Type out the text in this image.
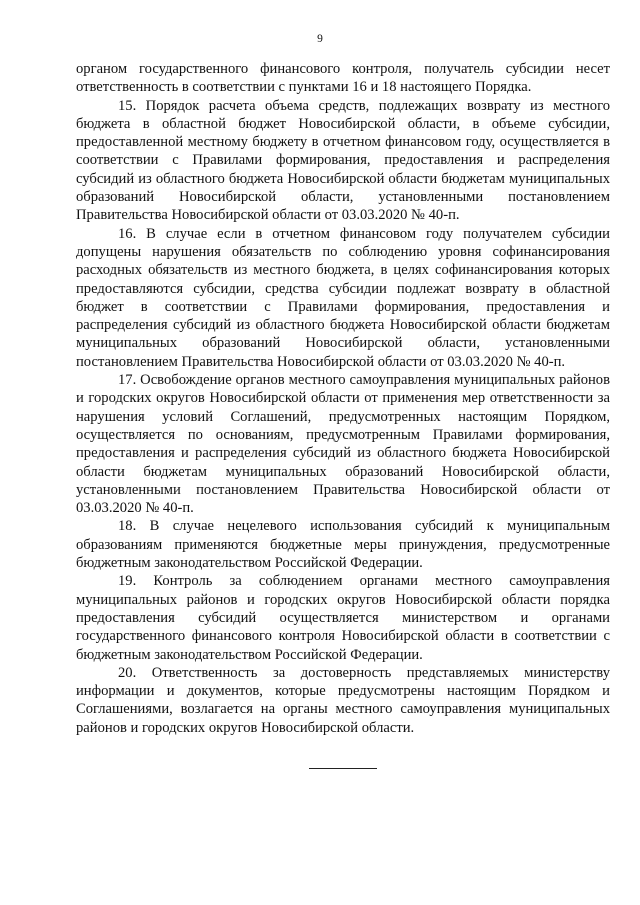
9

органом государственного финансового контроля, получатель субсидии несет ответственность в соответствии с пунктами 16 и 18 настоящего Порядка.

15. Порядок расчета объема средств, подлежащих возврату из местного бюджета в областной бюджет Новосибирской области, в объеме субсидии, предоставленной местному бюджету в отчетном финансовом году, осуществляется в соответствии с Правилами формирования, предоставления и распределения субсидий из областного бюджета Новосибирской области бюджетам муниципальных образований Новосибирской области, установленными постановлением Правительства Новосибирской области от 03.03.2020 № 40-п.

16. В случае если в отчетном финансовом году получателем субсидии допущены нарушения обязательств по соблюдению уровня софинансирования расходных обязательств из местного бюджета, в целях софинансирования которых предоставляются субсидии, средства субсидии подлежат возврату в областной бюджет в соответствии с Правилами формирования, предоставления и распределения субсидий из областного бюджета Новосибирской области бюджетам муниципальных образований Новосибирской области, установленными постановлением Правительства Новосибирской области от 03.03.2020 № 40-п.

17. Освобождение органов местного самоуправления муниципальных районов и городских округов Новосибирской области от применения мер ответственности за нарушения условий Соглашений, предусмотренных настоящим Порядком, осуществляется по основаниям, предусмотренным Правилами формирования, предоставления и распределения субсидий из областного бюджета Новосибирской области бюджетам муниципальных образований Новосибирской области, установленными постановлением Правительства Новосибирской области от 03.03.2020 № 40-п.

18. В случае нецелевого использования субсидий к муниципальным образованиям применяются бюджетные меры принуждения, предусмотренные бюджетным законодательством Российской Федерации.

19. Контроль за соблюдением органами местного самоуправления муниципальных районов и городских округов Новосибирской области порядка предоставления субсидий осуществляется министерством и органами государственного финансового контроля Новосибирской области в соответствии с бюджетным законодательством Российской Федерации.

20. Ответственность за достоверность представляемых министерству информации и документов, которые предусмотрены настоящим Порядком и Соглашениями, возлагается на органы местного самоуправления муниципальных районов и городских округов Новосибирской области.
